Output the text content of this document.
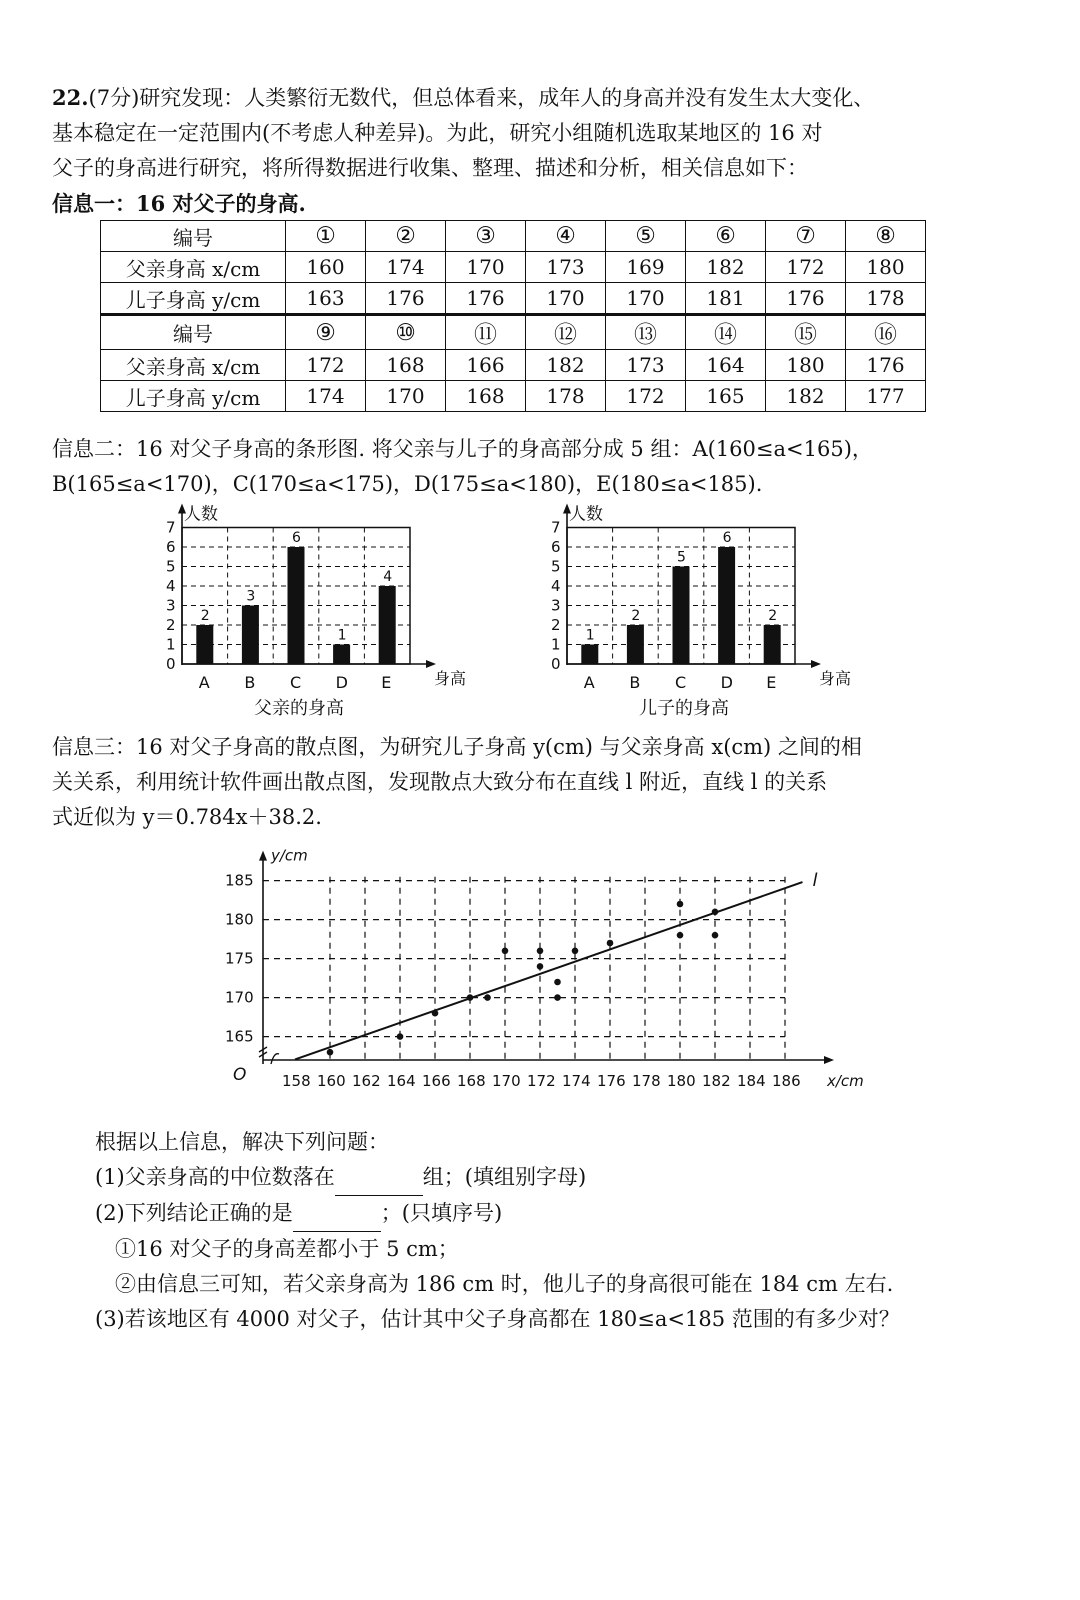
22.(7分)研究发现：人类繁衍无数代，但总体看来，成年人的身高并没有发生太大变化、
基本稳定在一定范围内(不考虑人种差异)。为此，研究小组随机选取某地区的 16 对
父子的身高进行研究，将所得数据进行收集、整理、描述和分析，相关信息如下：
信息一：16 对父子的身高.
编号	①	②	③	④	⑤	⑥	⑦	⑧
父亲身高 x/cm	160	174	170	173	169	182	172	180
儿子身高 y/cm	163	176	176	170	170	181	176	178
编号	⑨	⑩	⑪	⑫	⑬	⑭	⑮	⑯
父亲身高 x/cm	172	168	166	182	173	164	180	176
儿子身高 y/cm	174	170	168	178	172	165	182	177
信息二：16 对父子身高的条形图. 将父亲与儿子的身高部分成 5 组：A(160≤a<165)，
B(165≤a<170)，C(170≤a<175)，D(175≤a<180)，E(180≤a<185).
0
1
2
3
4
5
6
7
人数
身高
2
A
3
B
6
C
1
D
4
E
父亲的身高
0
1
2
3
4
5
6
7
人数
身高
1
A
2
B
5
C
6
D
2
E
儿子的身高
信息三：16 对父子身高的散点图，为研究儿子身高 y(cm) 与父亲身高 x(cm) 之间的相
关关系，利用统计软件画出散点图，发现散点大致分布在直线 l 附近，直线 l 的关系
式近似为 y＝0.784x＋38.2.
O
165
170
175
180
185
158 160 162 164 166 168 170 172 174 176 178 180 182 184 186
y/cm
x/cm
l
根据以上信息，解决下列问题：
(1)父亲身高的中位数落在	组；(填组别字母)
(2)下列结论正确的是	；(只填序号)
①16 对父子的身高差都小于 5 cm；
②由信息三可知，若父亲身高为 186 cm 时，他儿子的身高很可能在 184 cm 左右.
(3)若该地区有 4000 对父子，估计其中父子身高都在 180≤a<185 范围的有多少对？
